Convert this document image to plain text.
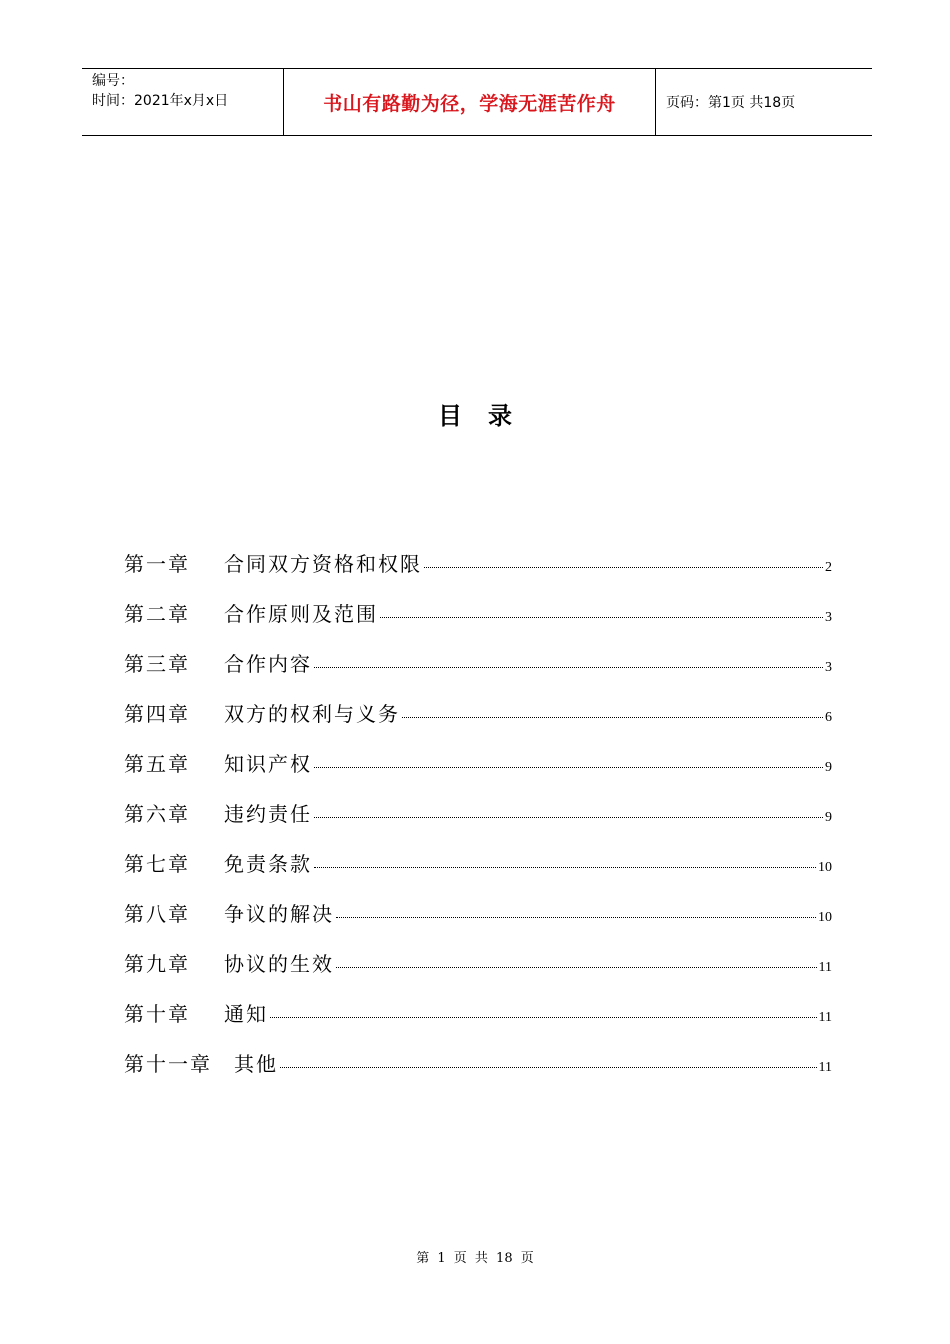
编号：
时间：2021年x月x日	书山有路勤为径，学海无涯苦作舟	页码：第1页 共18页
目录
第一章 合同双方资格和权限	2
第二章 合作原则及范围	3
第三章 合作内容	3
第四章 双方的权利与义务	6
第五章 知识产权	9
第六章 违约责任	9
第七章 免责条款	10
第八章 争议的解决	10
第九章 协议的生效	11
第十章 通知	11
第十一章 其他	11
第 1 页 共 18 页
